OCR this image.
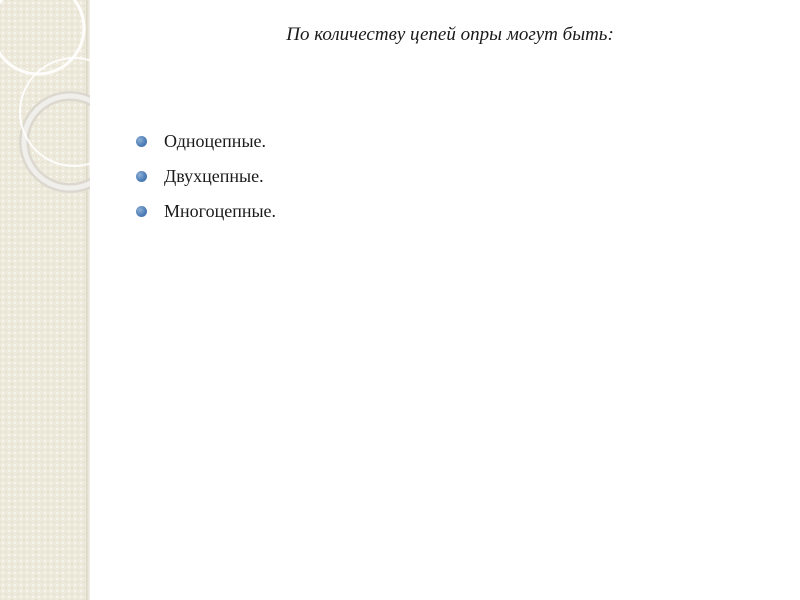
По количеству цепей опры могут быть:
Одноцепные.
Двухцепные.
Многоцепные.
